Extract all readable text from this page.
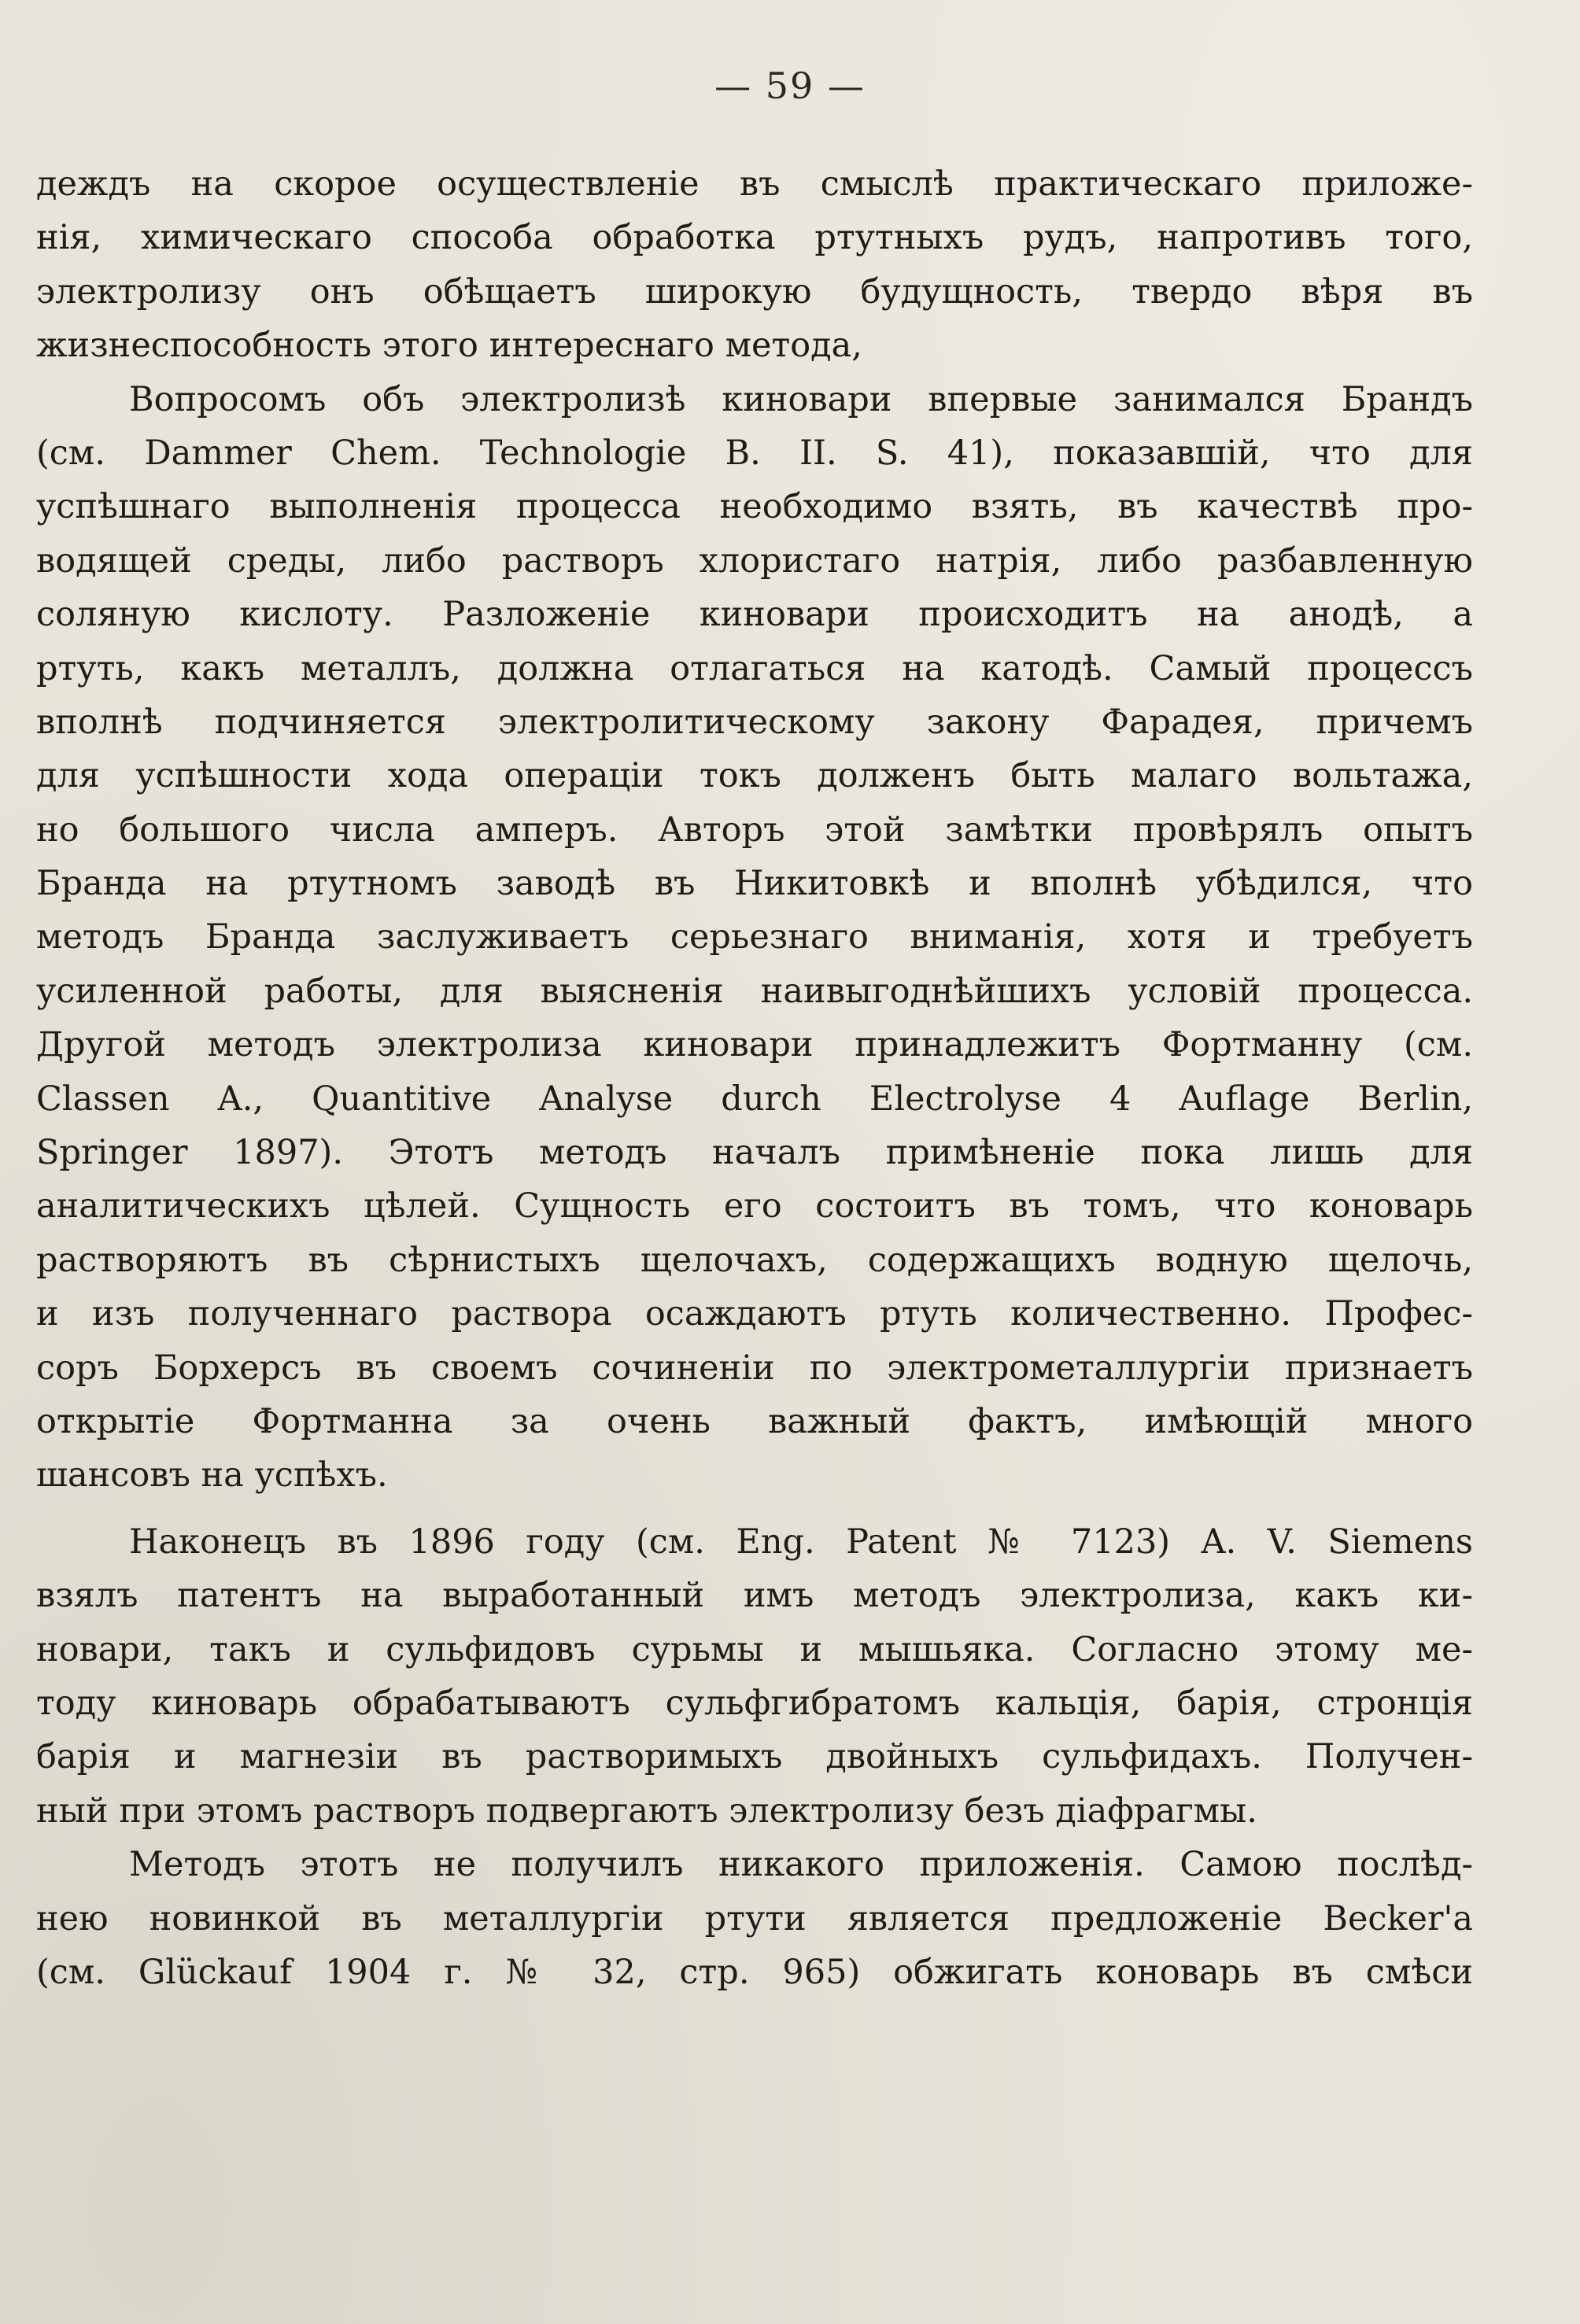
— 59 —
деждъ на скорое осуществленіе въ смыслѣ практическаго приложе-
нія, химическаго способа обработка ртутныхъ рудъ, напротивъ того,
электролизу онъ обѣщаетъ широкую будущность, твердо вѣря въ
жизнеспособность этого интереснаго метода,
Вопросомъ объ электролизѣ киновари впервые занимался Брандъ
(см. Dammer Chem. Technologie B. II. S. 41), показавшій, что для
успѣшнаго выполненія процесса необходимо взять, въ качествѣ про-
водящей среды, либо растворъ хлористаго натрія, либо разбавленную
соляную кислоту. Разложеніе киновари происходитъ на анодѣ, а
ртуть, какъ металлъ, должна отлагаться на катодѣ. Самый процессъ
вполнѣ подчиняется электролитическому закону Фарадея, причемъ
для успѣшности хода операціи токъ долженъ быть малаго вольтажа,
но большого числа амперъ. Авторъ этой замѣтки провѣрялъ опытъ
Бранда на ртутномъ заводѣ въ Никитовкѣ и вполнѣ убѣдился, что
методъ Бранда заслуживаетъ серьезнаго вниманія, хотя и требуетъ
усиленной работы, для выясненія наивыгоднѣйшихъ условій процесса.
Другой методъ электролиза киновари принадлежитъ Фортманну (см.
Classen A., Quantitive Analyse durch Electrolyse 4 Auflage Berlin,
Springer 1897). Этотъ методъ началъ примѣненіе пока лишь для
аналитическихъ цѣлей. Сущность его состоитъ въ томъ, что коноварь
растворяютъ въ сѣрнистыхъ щелочахъ, содержащихъ водную щелочь,
и изъ полученнаго раствора осаждаютъ ртуть количественно. Профес-
соръ Борхерсъ въ своемъ сочиненіи по электрометаллургіи признаетъ
открытіе Фортманна за очень важный фактъ, имѣющій много
шансовъ на успѣхъ.
Наконецъ въ 1896 году (см. Eng. Patent № 7123) A. V. Siemens
взялъ патентъ на выработанный имъ методъ электролиза, какъ ки-
новари, такъ и сульфидовъ сурьмы и мышьяка. Согласно этому ме-
тоду киноварь обрабатываютъ сульфгибратомъ кальція, барія, стронція
барія и магнезіи въ растворимыхъ двойныхъ сульфидахъ. Получен-
ный при этомъ растворъ подвергаютъ электролизу безъ діафрагмы.
Методъ этотъ не получилъ никакого приложенія. Самою послѣд-
нею новинкой въ металлургіи ртути является предложеніе Becker'а
(см. Glückauf 1904 г. № 32, стр. 965) обжигать коноварь въ смѣси
